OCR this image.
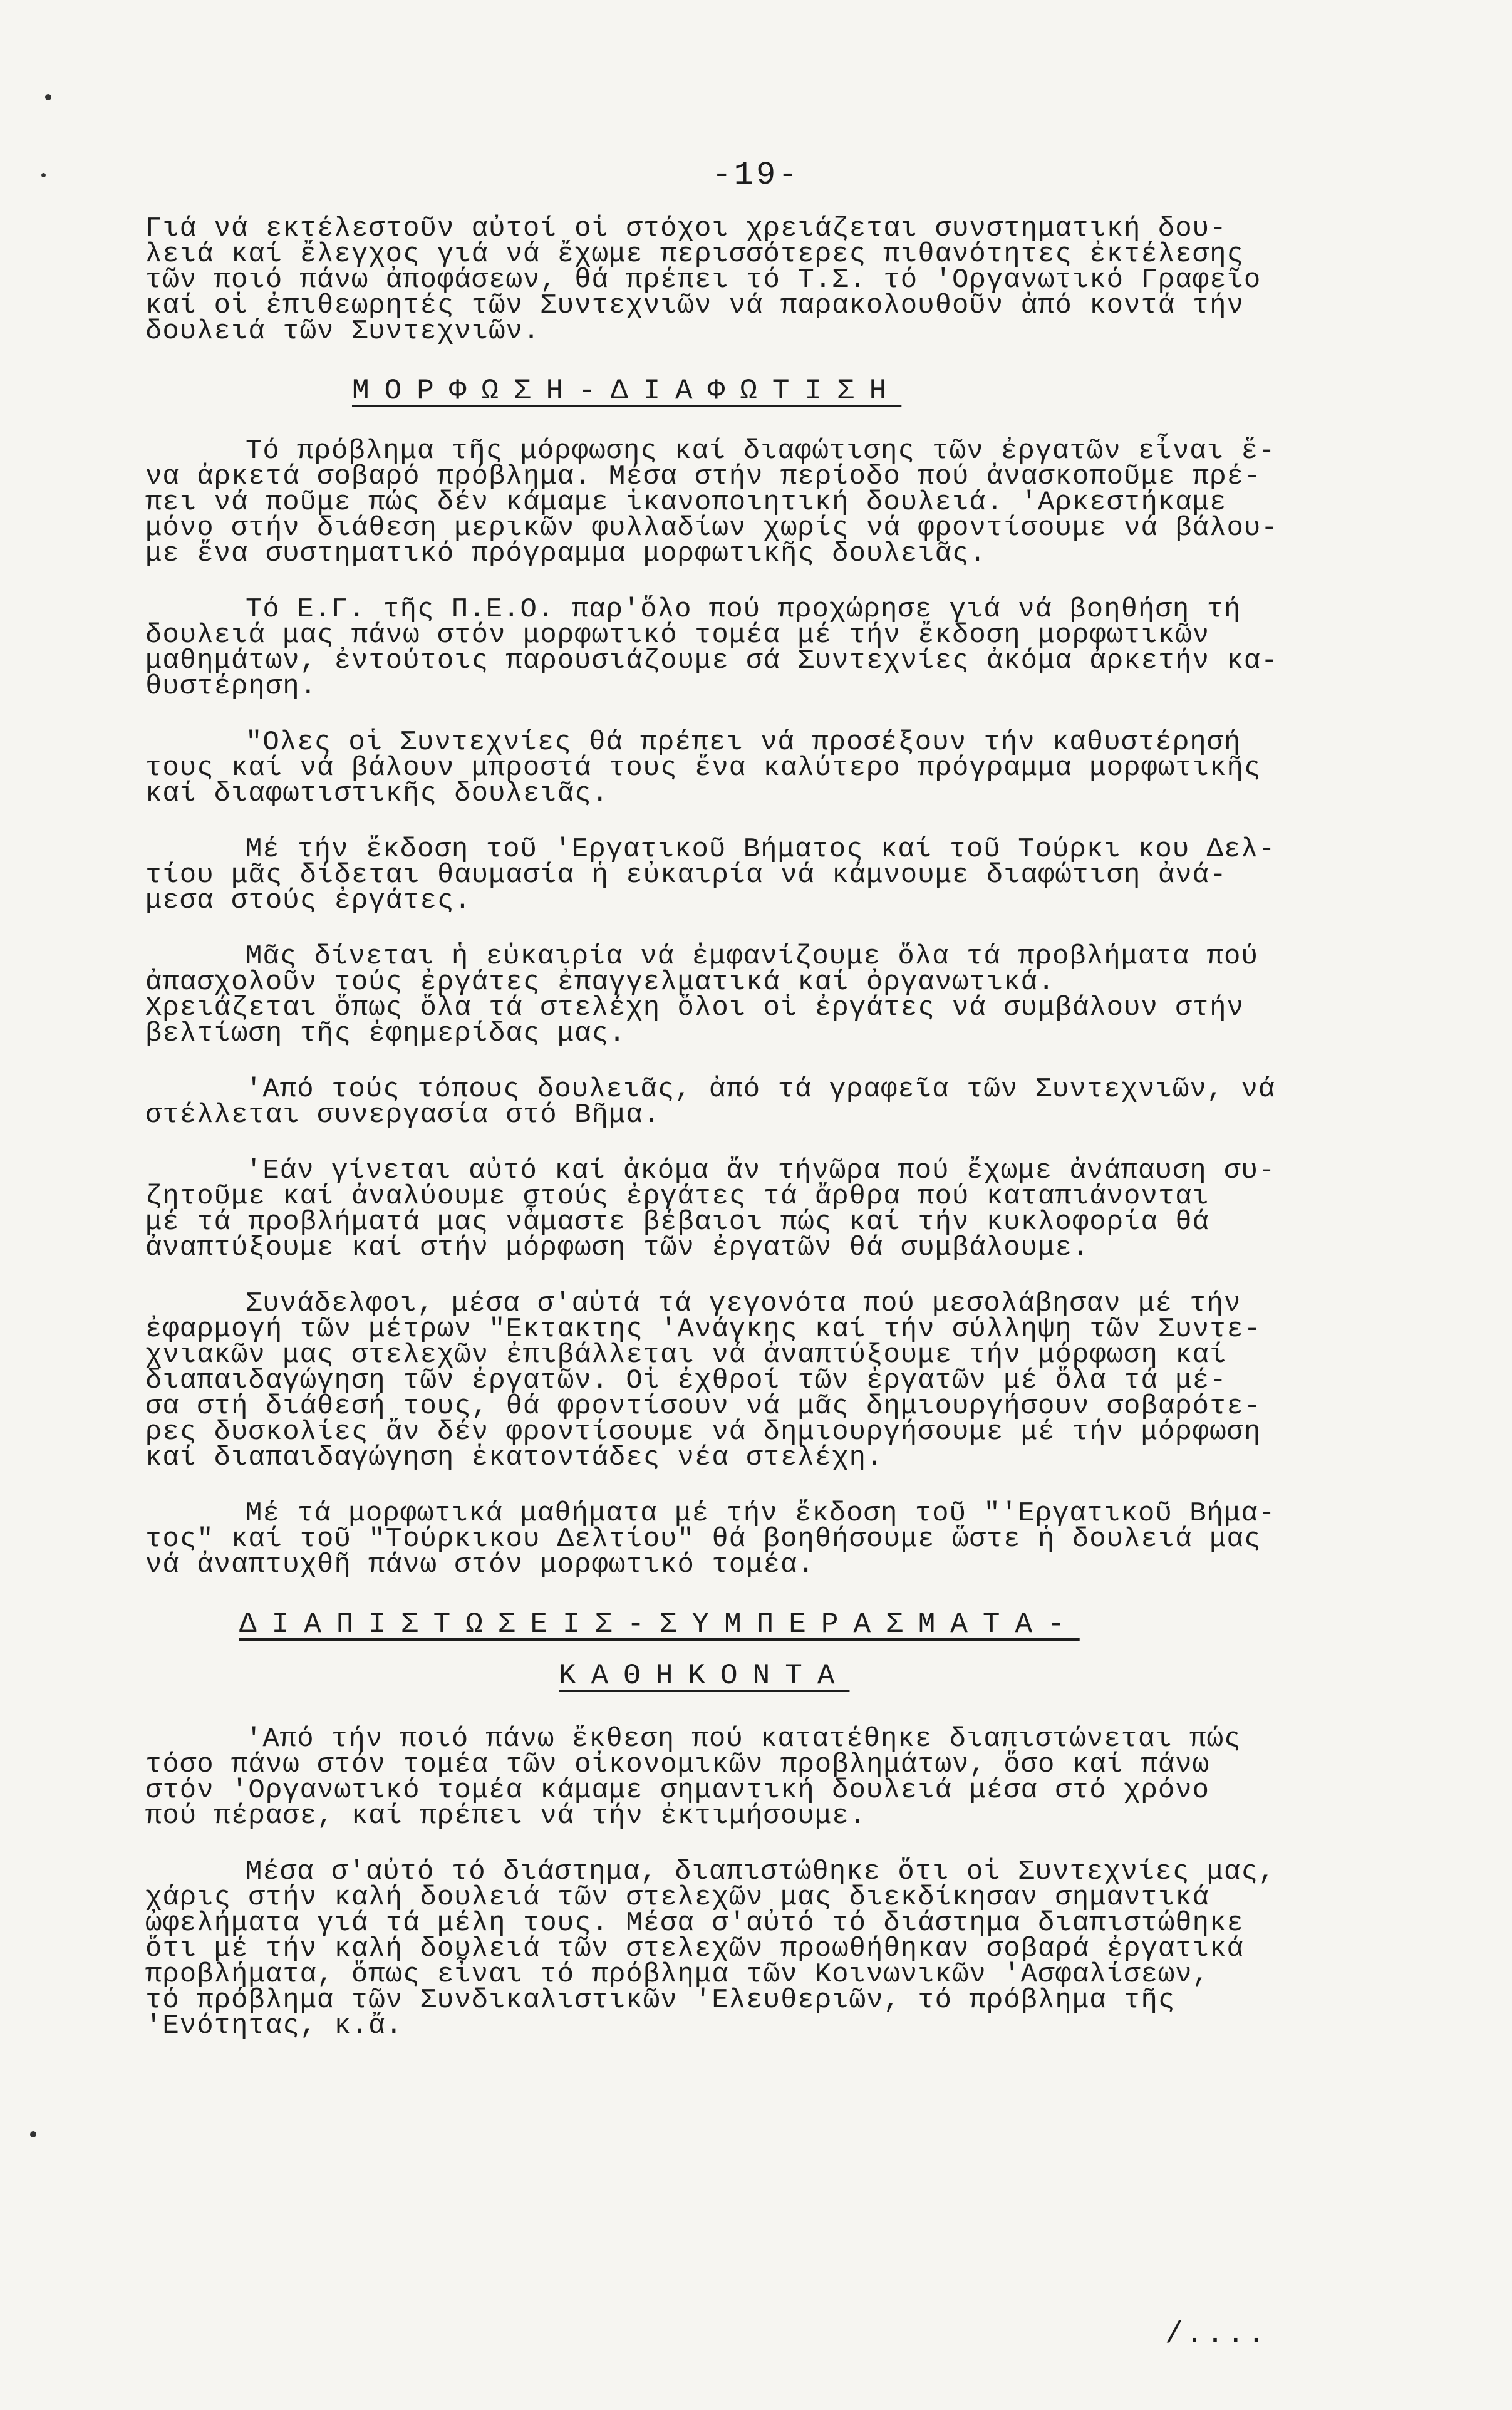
-19-
Γιά νά εκτέλεστοῦν αὐτοί οἱ στόχοι χρειάζεται συνστηματική δου-
λειά καί ἔλεγχος γιά νά ἔχωμε περισσότερες πιθανότητες ἐκτέλεσης
τῶν ποιό πάνω ἀποφάσεων, θά πρέπει τό Τ.Σ. τό 'Οργανωτικό Γραφεῖο
καί οἱ ἐπιθεωρητές τῶν Συντεχνιῶν νά παρακολουθοῦν ἀπό κοντά τήν
δουλειά τῶν Συντεχνιῶν.
ΜΟΡΦΩΣΗ-ΔΙΑΦΩΤΙΣΗ
Τό πρόβλημα τῆς μόρφωσης καί διαφώτισης τῶν ἐργατῶν εἶναι ἕ-
να ἀρκετά σοβαρό πρόβλημα. Μέσα στήν περίοδο πού ἀνασκοποῦμε πρέ-
πει νά ποῦμε πώς δέν κάμαμε ἱκανοποιητική δουλειά. 'Αρκεστήκαμε
μόνο στήν διάθεση μερικῶν φυλλαδίων χωρίς νά φροντίσουμε νά βάλου-
με ἕνα συστηματικό πρόγραμμα μορφωτικῆς δουλειᾶς.
Τό Ε.Γ. τῆς Π.Ε.Ο. παρ'ὅλο πού προχώρησε γιά νά βοηθήση τή
δουλειά μας πάνω στόν μορφωτικό τομέα μέ τήν ἔκδοση μορφωτικῶν
μαθημάτων, ἐντούτοις παρουσιάζουμε σά Συντεχνίες ἀκόμα ἀρκετήν κα-
θυστέρηση.
"Ολες οἱ Συντεχνίες θά πρέπει νά προσέξουν τήν καθυστέρησή
τους καί νά βάλουν μπροστά τους ἕνα καλύτερο πρόγραμμα μορφωτικῆς
καί διαφωτιστικῆς δουλειᾶς.
Μέ τήν ἔκδοση τοῦ 'Εργατικοῦ Βήματος καί τοῦ Τούρκι κου Δελ-
τίου μᾶς δίδεται θαυμασία ἡ εὐκαιρία νά κάμνουμε διαφώτιση ἀνά-
μεσα στούς ἐργάτες.
Μᾶς δίνεται ἡ εὐκαιρία νά ἐμφανίζουμε ὅλα τά προβλήματα πού
ἀπασχολοῦν τούς ἐργάτες ἐπαγγελματικά καί ὀργανωτικά.
Χρειάζεται ὅπως ὅλα τά στελέχη ὅλοι οἱ ἐργάτες νά συμβάλουν στήν
βελτίωση τῆς ἐφημερίδας μας.
'Από τούς τόπους δουλειᾶς, ἀπό τά γραφεῖα τῶν Συντεχνιῶν, νά
στέλλεται συνεργασία στό Βῆμα.
'Εάν γίνεται αὐτό καί ἀκόμα ἄν τήνῶρα πού ἔχωμε ἀνάπαυση συ-
ζητοῦμε καί ἀναλύουμε στούς ἐργάτες τά ἄρθρα πού καταπιάνονται
μέ τά προβλήματά μας νἆμαστε βέβαιοι πώς καί τήν κυκλοφορία θά
ἀναπτύξουμε καί στήν μόρφωση τῶν ἐργατῶν θά συμβάλουμε.
Συνάδελφοι, μέσα σ'αὐτά τά γεγονότα πού μεσολάβησαν μέ τήν
ἐφαρμογή τῶν μέτρων "Εκτακτης 'Ανάγκης καί τήν σύλληψη τῶν Συντε-
χνιακῶν μας στελεχῶν ἐπιβάλλεται νά ἀναπτύξουμε τήν μόρφωση καί
διαπαιδαγώγηση τῶν ἐργατῶν. Οἱ ἐχθροί τῶν ἐργατῶν μέ ὅλα τά μέ-
σα στή διάθεσή τους, θά φροντίσουν νά μᾶς δημιουργήσουν σοβαρότε-
ρες δυσκολίες ἄν δέν φροντίσουμε νά δημιουργήσουμε μέ τήν μόρφωση
καί διαπαιδαγώγηση ἑκατοντάδες νέα στελέχη.
Μέ τά μορφωτικά μαθήματα μέ τήν ἔκδοση τοῦ "'Εργατικοῦ Βήμα-
τος" καί τοῦ "Τούρκικου Δελτίου" θά βοηθήσουμε ὥστε ἡ δουλειά μας
νά ἀναπτυχθῆ πάνω στόν μορφωτικό τομέα.
ΔΙΑΠΙΣΤΩΣΕΙΣ-ΣΥΜΠΕΡΑΣΜΑΤΑ-
ΚΑΘΗΚΟΝΤΑ
'Από τήν ποιό πάνω ἔκθεση πού κατατέθηκε διαπιστώνεται πώς
τόσο πάνω στόν τομέα τῶν οἰκονομικῶν προβλημάτων, ὅσο καί πάνω
στόν 'Οργανωτικό τομέα κάμαμε σημαντική δουλειά μέσα στό χρόνο
πού πέρασε, καί πρέπει νά τήν ἐκτιμήσουμε.
Μέσα σ'αὐτό τό διάστημα, διαπιστώθηκε ὅτι οἱ Συντεχνίες μας,
χάρις στήν καλή δουλειά τῶν στελεχῶν μας διεκδίκησαν σημαντικά
ὠφελήματα γιά τά μέλη τους. Μέσα σ'αὐτό τό διάστημα διαπιστώθηκε
ὅτι μέ τήν καλή δουλειά τῶν στελεχῶν προωθήθηκαν σοβαρά ἐργατικά
προβλήματα, ὅπως εἶναι τό πρόβλημα τῶν Κοινωνικῶν 'Ασφαλίσεων,
τό πρόβλημα τῶν Συνδικαλιστικῶν 'Ελευθεριῶν, τό πρόβλημα τῆς
'Ενότητας, κ.ἄ.
/....
